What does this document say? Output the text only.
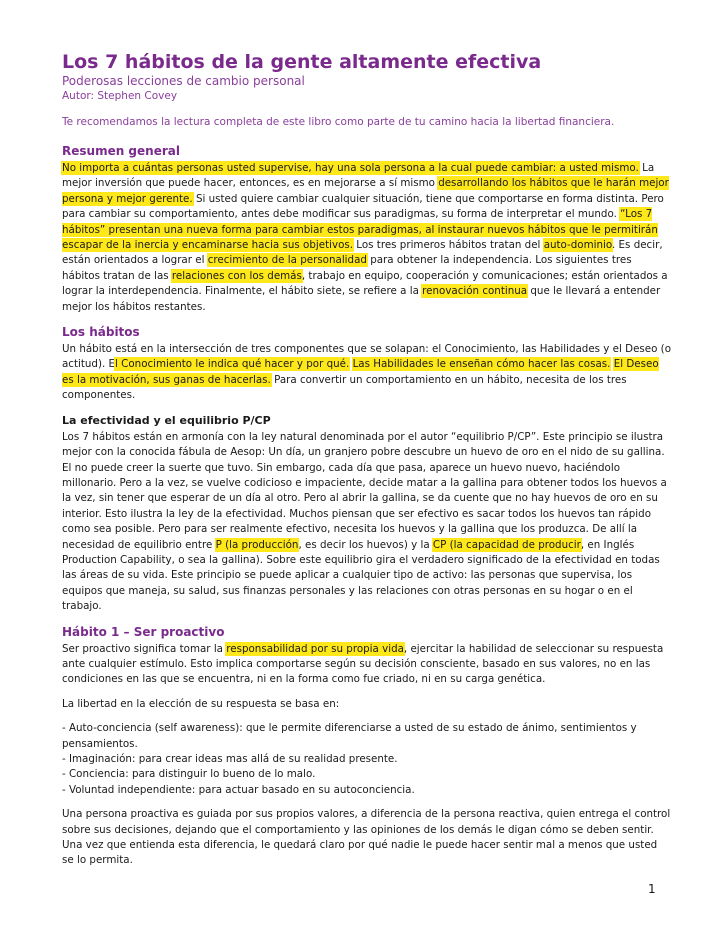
Los 7 hábitos de la gente altamente efectiva
Poderosas lecciones de cambio personal
Autor: Stephen Covey
Te recomendamos la lectura completa de este libro como parte de tu camino hacia la libertad financiera.
Resumen general
No importa a cuántas personas usted supervise, hay una sola persona a la cual puede cambiar: a usted mismo. La mejor inversión que puede hacer, entonces, es en mejorarse a sí mismo desarrollando los hábitos que le harán mejor persona y mejor gerente. Si usted quiere cambiar cualquier situación, tiene que comportarse en forma distinta. Pero para cambiar su comportamiento, antes debe modificar sus paradigmas, su forma de interpretar el mundo. “Los 7 hábitos” presentan una nueva forma para cambiar estos paradigmas, al instaurar nuevos hábitos que le permitirán escapar de la inercia y encaminarse hacia sus objetivos. Los tres primeros hábitos tratan del auto-dominio. Es decir, están orientados a lograr el crecimiento de la personalidad para obtener la independencia. Los siguientes tres hábitos tratan de las relaciones con los demás, trabajo en equipo, cooperación y comunicaciones; están orientados a lograr la interdependencia. Finalmente, el hábito siete, se refiere a la renovación continua que le llevará a entender mejor los hábitos restantes.
Los hábitos
Un hábito está en la intersección de tres componentes que se solapan: el Conocimiento, las Habilidades y el Deseo (o actitud). El Conocimiento le indica qué hacer y por qué. Las Habilidades le enseñan cómo hacer las cosas. El Deseo es la motivación, sus ganas de hacerlas. Para convertir un comportamiento en un hábito, necesita de los tres componentes.
La efectividad y el equilibrio P/CP
Los 7 hábitos están en armonía con la ley natural denominada por el autor “equilibrio P/CP”. Este principio se ilustra mejor con la conocida fábula de Aesop: Un día, un granjero pobre descubre un huevo de oro en el nido de su gallina. El no puede creer la suerte que tuvo. Sin embargo, cada día que pasa, aparece un huevo nuevo, haciéndolo millonario. Pero a la vez, se vuelve codicioso e impaciente, decide matar a la gallina para obtener todos los huevos a la vez, sin tener que esperar de un día al otro. Pero al abrir la gallina, se da cuente que no hay huevos de oro en su interior. Esto ilustra la ley de la efectividad. Muchos piensan que ser efectivo es sacar todos los huevos tan rápido como sea posible. Pero para ser realmente efectivo, necesita los huevos y la gallina que los produzca. De allí la necesidad de equilibrio entre P (la producción, es decir los huevos) y la CP (la capacidad de producir, en Inglés Production Capability, o sea la gallina). Sobre este equilibrio gira el verdadero significado de la efectividad en todas las áreas de su vida. Este principio se puede aplicar a cualquier tipo de activo: las personas que supervisa, los equipos que maneja, su salud, sus finanzas personales y las relaciones con otras personas en su hogar o en el trabajo.
Hábito 1 – Ser proactivo
Ser proactivo significa tomar la responsabilidad por su propia vida, ejercitar la habilidad de seleccionar su respuesta ante cualquier estímulo. Esto implica comportarse según su decisión consciente, basado en sus valores, no en las condiciones en las que se encuentra, ni en la forma como fue criado, ni en su carga genética.
La libertad en la elección de su respuesta se basa en:
- Auto-conciencia (self awareness): que le permite diferenciarse a usted de su estado de ánimo, sentimientos y pensamientos.
- Imaginación: para crear ideas mas allá de su realidad presente.
- Conciencia: para distinguir lo bueno de lo malo.
- Voluntad independiente: para actuar basado en su autoconciencia.
Una persona proactiva es guiada por sus propios valores, a diferencia de la persona reactiva, quien entrega el control sobre sus decisiones, dejando que el comportamiento y las opiniones de los demás le digan cómo se deben sentir. Una vez que entienda esta diferencia, le quedará claro por qué nadie le puede hacer sentir mal a menos que usted se lo permita.
1
